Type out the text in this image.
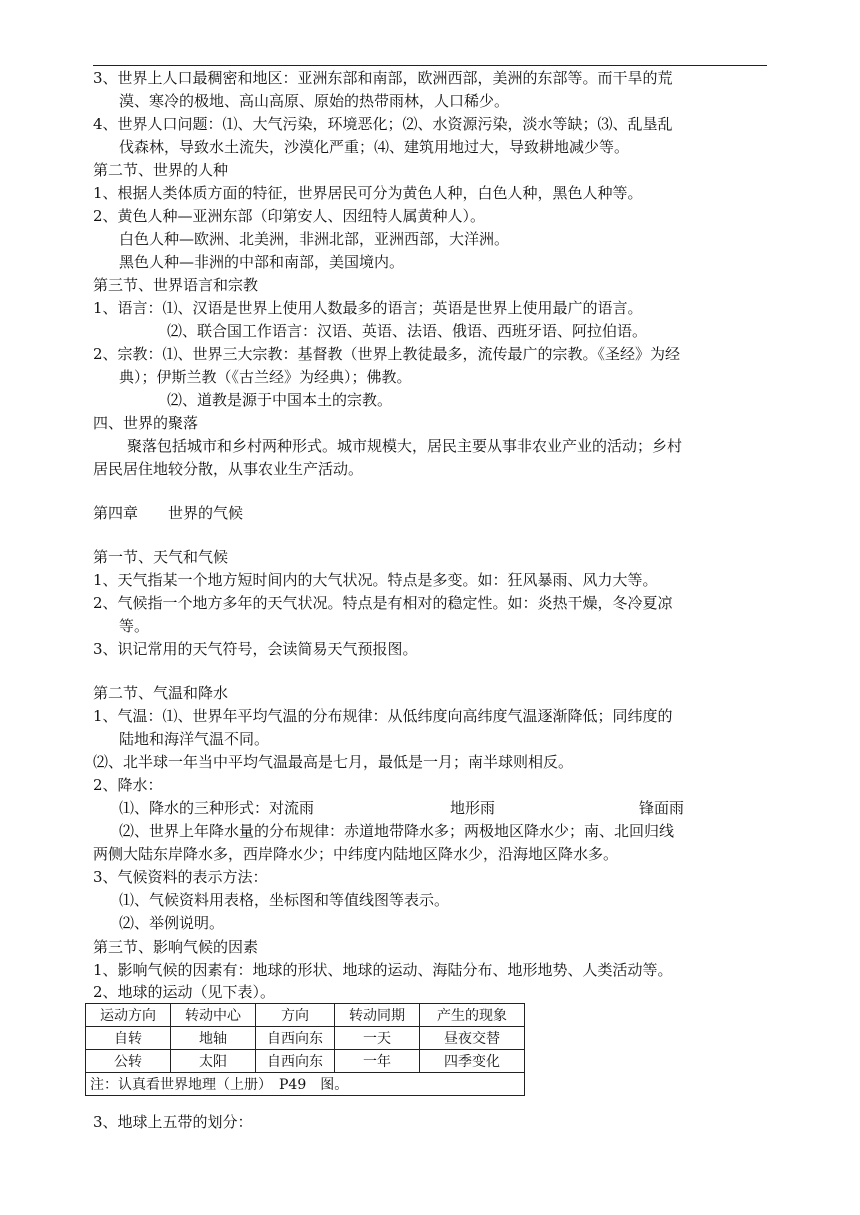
3、世界上人口最稠密和地区：亚洲东部和南部，欧洲西部，美洲的东部等。而干旱的荒
漠、寒冷的极地、高山高原、原始的热带雨林，人口稀少。
4、世界人口问题：⑴、大气污染，环境恶化；⑵、水资源污染，淡水等缺；⑶、乱垦乱
伐森林，导致水土流失，沙漠化严重；⑷、建筑用地过大，导致耕地减少等。
第二节、世界的人种
1、根据人类体质方面的特征，世界居民可分为黄色人种，白色人种，黑色人种等。
2、黄色人种—亚洲东部（印第安人、因纽特人属黄种人）。
白色人种—欧洲、北美洲，非洲北部，亚洲西部，大洋洲。
黑色人种—非洲的中部和南部，美国境内。
第三节、世界语言和宗教
1、语言：⑴、汉语是世界上使用人数最多的语言；英语是世界上使用最广的语言。
⑵、联合国工作语言：汉语、英语、法语、俄语、西班牙语、阿拉伯语。
2、宗教：⑴、世界三大宗教：基督教（世界上教徒最多，流传最广的宗教。《圣经》为经
典）；伊斯兰教（《古兰经》为经典）；佛教。
⑵、道教是源于中国本土的宗教。
四、世界的聚落
聚落包括城市和乡村两种形式。城市规模大，居民主要从事非农业产业的活动；乡村
居民居住地较分散，从事农业生产活动。
第四章　　世界的气候
第一节、天气和气候
1、天气指某一个地方短时间内的大气状况。特点是多变。如：狂风暴雨、风力大等。
2、气候指一个地方多年的天气状况。特点是有相对的稳定性。如：炎热干燥，冬冷夏凉
等。
3、识记常用的天气符号，会读简易天气预报图。
第二节、气温和降水
1、气温：⑴、世界年平均气温的分布规律：从低纬度向高纬度气温逐渐降低；同纬度的
陆地和海洋气温不同。
⑵、北半球一年当中平均气温最高是七月，最低是一月；南半球则相反。
2、降水：
⑴、降水的三种形式：对流雨	地形雨	锋面雨
⑵、世界上年降水量的分布规律：赤道地带降水多；两极地区降水少；南、北回归线
两侧大陆东岸降水多，西岸降水少；中纬度内陆地区降水少，沿海地区降水多。
3、气候资料的表示方法：
⑴、气候资料用表格，坐标图和等值线图等表示。
⑵、举例说明。
第三节、影响气候的因素
1、影响气候的因素有：地球的形状、地球的运动、海陆分布、地形地势、人类活动等。
运动方向	转动中心	方向	转动同期	产生的现象
自转	地轴	自西向东	一天	昼夜交替
公转	太阳	自西向东	一年	四季变化
注：认真看世界地理（上册）　P49　图。				
3、地球上五带的划分：
2、地球的运动（见下表）。
